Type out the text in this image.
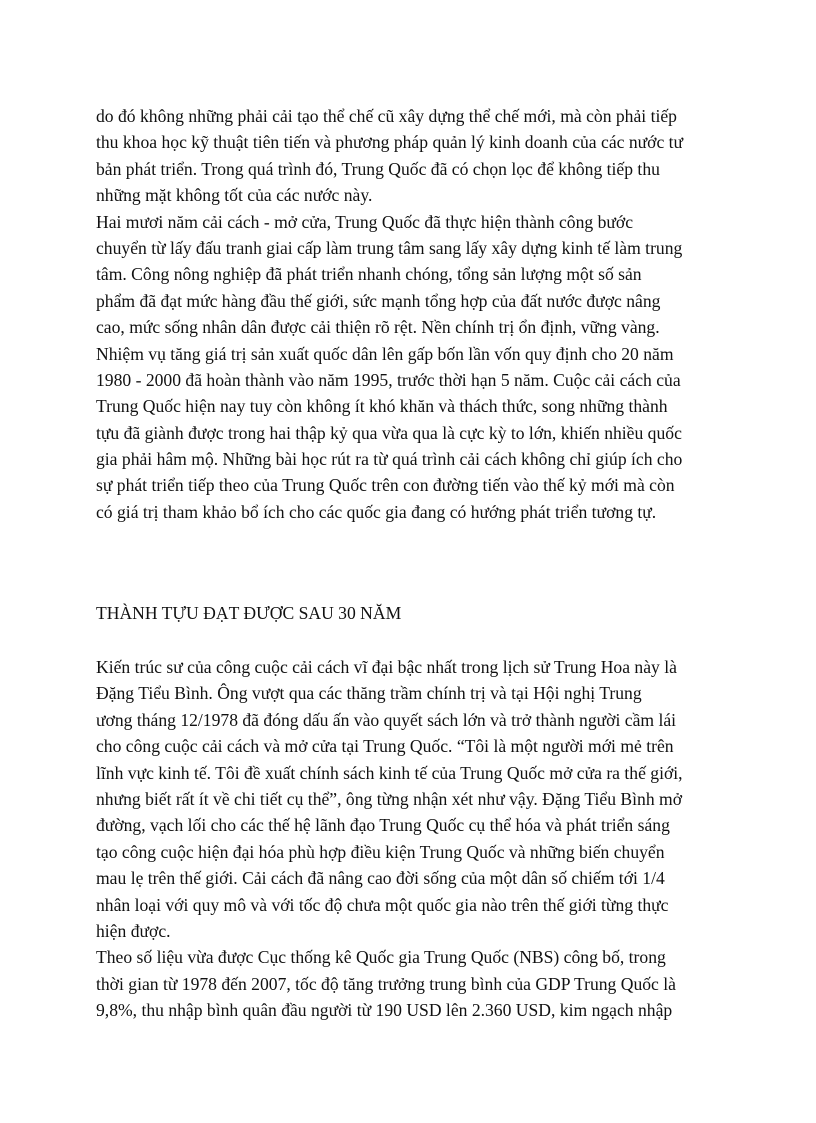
do đó không những phải cải tạo thể chế cũ xây dựng thể chế mới, mà còn phải tiếp
thu khoa học kỹ thuật tiên tiến và phương pháp quản lý kinh doanh của các nước tư
bản phát triển. Trong quá trình đó, Trung Quốc đã có chọn lọc để không tiếp thu
những mặt không tốt của các nước này.
Hai mươi năm cải cách - mở cửa, Trung Quốc đã thực hiện thành công bước
chuyển từ lấy đấu tranh giai cấp làm trung tâm sang lấy xây dựng kinh tế làm trung
tâm. Công nông nghiệp đã phát triển nhanh chóng, tổng sản lượng một số sản
phẩm đã đạt mức hàng đầu thế giới, sức mạnh tổng hợp của đất nước được nâng
cao, mức sống nhân dân được cải thiện rõ rệt. Nền chính trị ổn định, vững vàng.
Nhiệm vụ tăng giá trị sản xuất quốc dân lên gấp bốn lần vốn quy định cho 20 năm
1980 - 2000 đã hoàn thành vào năm 1995, trước thời hạn 5 năm. Cuộc cải cách của
Trung Quốc hiện nay tuy còn không ít khó khăn và thách thức, song những thành
tựu đã giành được trong hai thập kỷ qua vừa qua là cực kỳ to lớn, khiến nhiều quốc
gia phải hâm mộ. Những bài học rút ra từ quá trình cải cách không chỉ giúp ích cho
sự phát triển tiếp theo của Trung Quốc trên con đường tiến vào thế kỷ mới mà còn
có giá trị tham khảo bổ ích cho các quốc gia đang có hướng phát triển tương tự.
THÀNH TỰU ĐẠT ĐƯỢC SAU 30 NĂM
Kiến trúc sư của công cuộc cải cách vĩ đại bậc nhất trong lịch sử Trung Hoa này là
Đặng Tiểu Bình. Ông vượt qua các thăng trầm chính trị và tại Hội nghị Trung
ương tháng 12/1978 đã đóng dấu ấn vào quyết sách lớn và trở thành người cầm lái
cho công cuộc cải cách và mở cửa tại Trung Quốc. “Tôi là một người mới mẻ trên
lĩnh vực kinh tế. Tôi đề xuất chính sách kinh tế của Trung Quốc mở cửa ra thế giới,
nhưng biết rất ít về chi tiết cụ thể”, ông từng nhận xét như vậy. Đặng Tiểu Bình mở
đường, vạch lối cho các thế hệ lãnh đạo Trung Quốc cụ thể hóa và phát triển sáng
tạo công cuộc hiện đại hóa phù hợp điều kiện Trung Quốc và những biến chuyển
mau lẹ trên thế giới. Cải cách đã nâng cao đời sống của một dân số chiếm tới 1/4
nhân loại với quy mô và với tốc độ chưa một quốc gia nào trên thế giới từng thực
hiện được.
Theo số liệu vừa được Cục thống kê Quốc gia Trung Quốc (NBS) công bố, trong
thời gian từ 1978 đến 2007, tốc độ tăng trưởng trung bình của GDP Trung Quốc là
9,8%, thu nhập bình quân đầu người từ 190 USD lên 2.360 USD, kim ngạch nhập
